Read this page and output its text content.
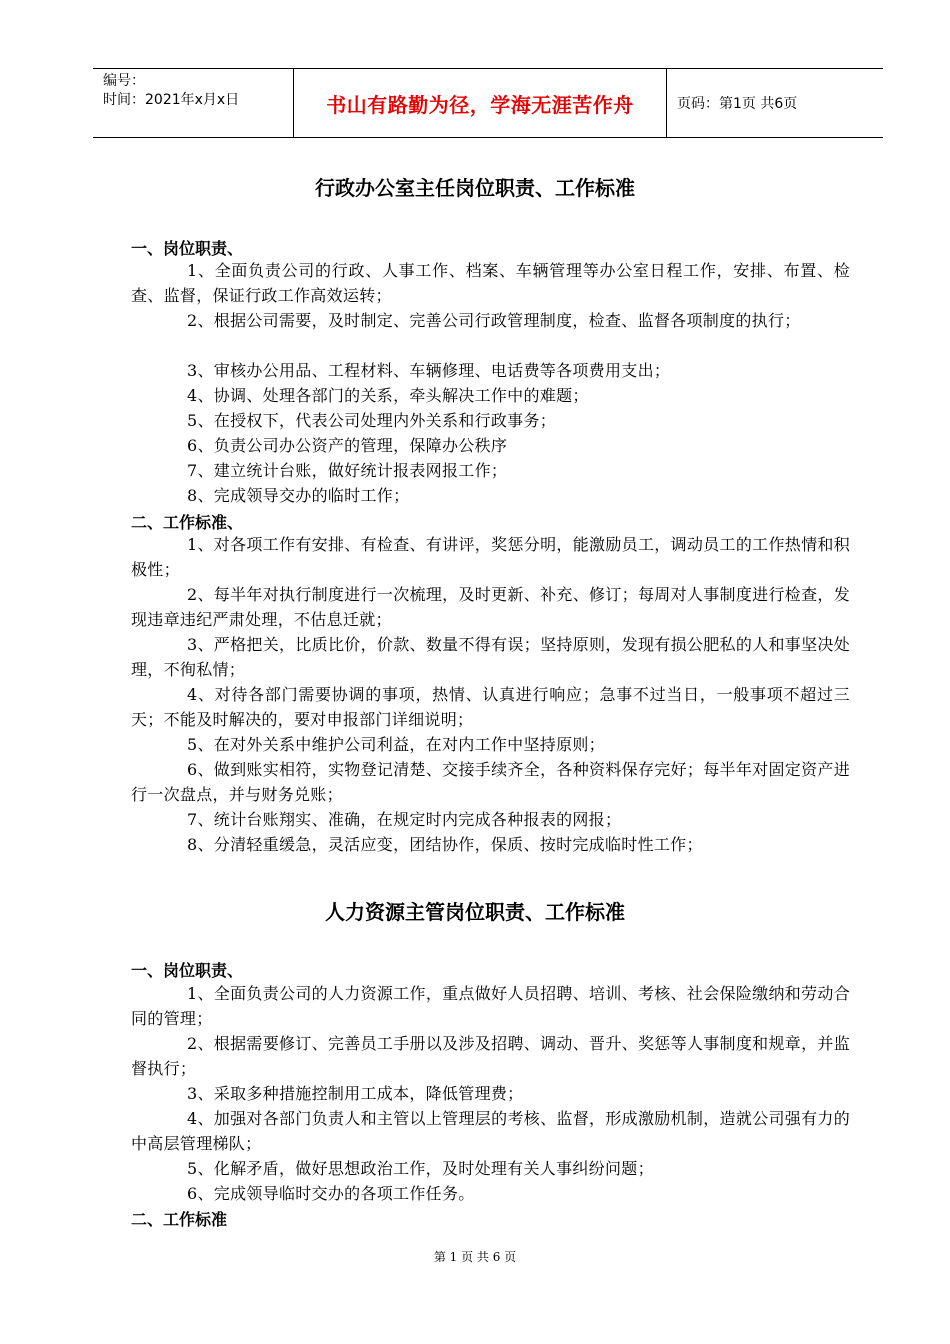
编号：
时间：2021年x月x日	书山有路勤为径，学海无涯苦作舟	页码：第1页 共6页
行政办公室主任岗位职责、工作标准
一、岗位职责、
1、全面负责公司的行政、人事工作、档案、车辆管理等办公室日程工作，安排、布置、检查、监督，保证行政工作高效运转；
2、根据公司需要，及时制定、完善公司行政管理制度，检查、监督各项制度的执行；
3、审核办公用品、工程材料、车辆修理、电话费等各项费用支出；
4、协调、处理各部门的关系，牵头解决工作中的难题；
5、在授权下，代表公司处理内外关系和行政事务；
6、负责公司办公资产的管理，保障办公秩序
7、建立统计台账，做好统计报表网报工作；
8、完成领导交办的临时工作；
二、工作标准、
1、对各项工作有安排、有检查、有讲评，奖惩分明，能激励员工，调动员工的工作热情和积极性；
2、每半年对执行制度进行一次梳理，及时更新、补充、修订；每周对人事制度进行检查，发现违章违纪严肃处理，不估息迁就；
3、严格把关，比质比价，价款、数量不得有误；坚持原则，发现有损公肥私的人和事坚决处理，不徇私情；
4、对待各部门需要协调的事项，热情、认真进行响应；急事不过当日，一般事项不超过三天；不能及时解决的，要对申报部门详细说明；
5、在对外关系中维护公司利益，在对内工作中坚持原则；
6、做到账实相符，实物登记清楚、交接手续齐全，各种资料保存完好；每半年对固定资产进行一次盘点，并与财务兑账；
7、统计台账翔实、准确，在规定时内完成各种报表的网报；
8、分清轻重缓急，灵活应变，团结协作，保质、按时完成临时性工作；
人力资源主管岗位职责、工作标准
一、岗位职责、
1、全面负责公司的人力资源工作，重点做好人员招聘、培训、考核、社会保险缴纳和劳动合同的管理；
2、根据需要修订、完善员工手册以及涉及招聘、调动、晋升、奖惩等人事制度和规章，并监督执行；
3、采取多种措施控制用工成本，降低管理费；
4、加强对各部门负责人和主管以上管理层的考核、监督，形成激励机制，造就公司强有力的中高层管理梯队；
5、化解矛盾，做好思想政治工作，及时处理有关人事纠纷问题；
6、完成领导临时交办的各项工作任务。
二、工作标准
第 1 页 共 6 页
